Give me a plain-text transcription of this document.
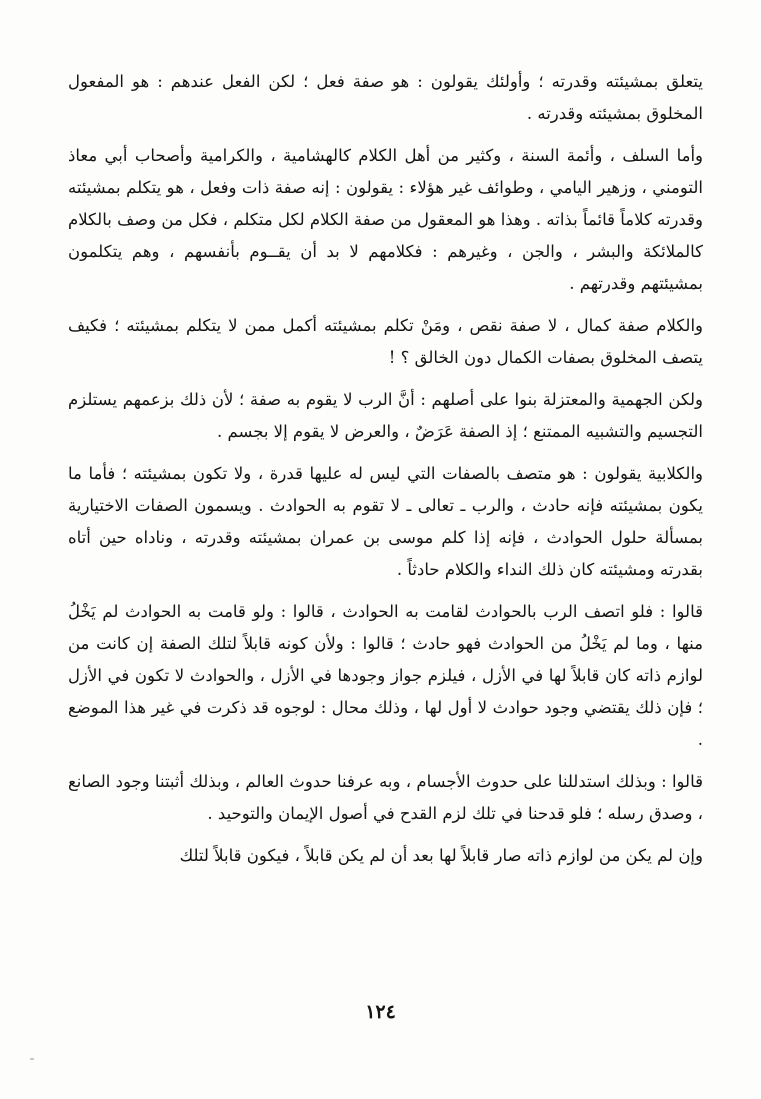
يتعلق بمشيئته وقدرته ؛ وأولئك يقولون : هو صفة فعل ؛ لكن الفعل عندهم : هو المفعول المخلوق بمشيئته وقدرته .

وأما السلف ، وأئمة السنة ، وكثير من أهل الكلام كالهشامية ، والكرامية وأصحاب أبي معاذ التومني ، وزهير اليامي ، وطوائف غير هؤلاء : يقولون : إنه صفة ذات وفعل ، هو يتكلم بمشيئته وقدرته كلاماً قائماً بذاته . وهذا هو المعقول من صفة الكلام لكل متكلم ، فكل من وصف بالكلام كالملائكة والبشر ، والجن ، وغيرهم : فكلامهم لا بد أن يقــوم بأنفسهم ، وهم يتكلمون بمشيئتهم وقدرتهم .

والكلام صفة كمال ، لا صفة نقص ، ومَنْ تكلم بمشيئته أكمل ممن لا يتكلم بمشيئته ؛ فكيف يتصف المخلوق بصفات الكمال دون الخالق ؟ !

ولكن الجهمية والمعتزلة بنوا على أصلهم : أنَّ الرب لا يقوم به صفة ؛ لأن ذلك بزعمهم يستلزم التجسيم والتشبيه الممتنع ؛ إذ الصفة عَرَضٌ ، والعرض لا يقوم إلا بجسم .

والكلابية يقولون : هو متصف بالصفات التي ليس له عليها قدرة ، ولا تكون بمشيئته ؛ فأما ما يكون بمشيئته فإنه حادث ، والرب ـ تعالى ـ لا تقوم به الحوادث . ويسمون الصفات الاختيارية بمسألة حلول الحوادث ، فإنه إذا كلم موسى بن عمران بمشيئته وقدرته ، وناداه حين أتاه بقدرته ومشيئته كان ذلك النداء والكلام حادثاً .

قالوا : فلو اتصف الرب بالحوادث لقامت به الحوادث ، قالوا : ولو قامت به الحوادث لم يَخْلُ منها ، وما لم يَخْلُ من الحوادث فهو حادث ؛ قالوا : ولأن كونه قابلاً لتلك الصفة إن كانت من لوازم ذاته كان قابلاً لها في الأزل ، فيلزم جواز وجودها في الأزل ، والحوادث لا تكون في الأزل ؛ فإن ذلك يقتضي وجود حوادث لا أول لها ، وذلك محال : لوجوه قد ذكرت في غير هذا الموضع .

قالوا : وبذلك استدللنا على حدوث الأجسام ، وبه عرفنا حدوث العالم ، وبذلك أثبتنا وجود الصانع ، وصدق رسله ؛ فلو قدحنا في تلك لزم القدح في أصول الإيمان والتوحيد .

وإن لم يكن من لوازم ذاته صار قابلاً لها بعد أن لم يكن قابلاً ، فيكون قابلاً لتلك

١٢٤
